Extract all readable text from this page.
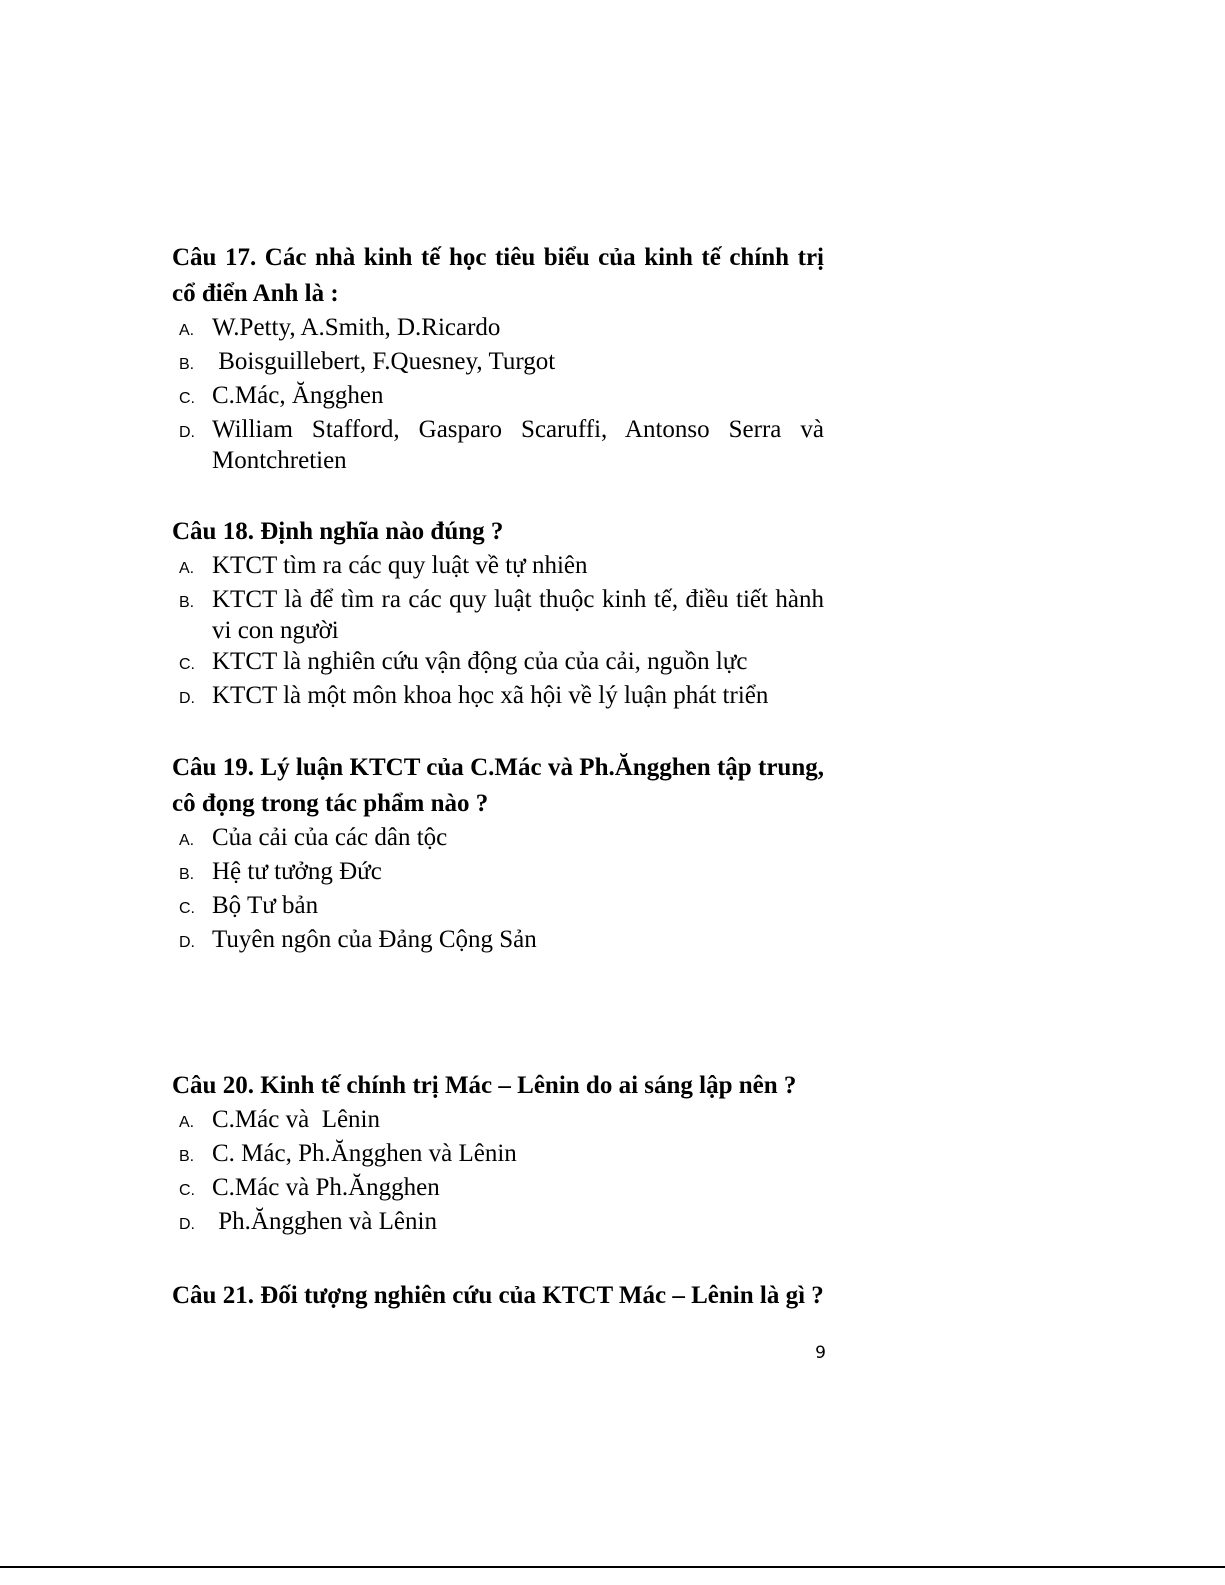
Câu 17. Các nhà kinh tế học tiêu biểu của kinh tế chính trị cổ điển Anh là :

A. W.Petty, A.Smith, D.Ricardo
B. Boisguillebert, F.Quesney, Turgot
C. C.Mác, Ăngghen
D. William Stafford, Gasparo Scaruffi, Antonso Serra và Montchretien

Câu 18. Định nghĩa nào đúng ?

A. KTCT tìm ra các quy luật về tự nhiên
B. KTCT là để tìm ra các quy luật thuộc kinh tế, điều tiết hành vi con người
C. KTCT là nghiên cứu vận động của của cải, nguồn lực
D. KTCT là một môn khoa học xã hội về lý luận phát triển

Câu 19. Lý luận KTCT của C.Mác và Ph.Ăngghen tập trung, cô đọng trong tác phẩm nào ?

A. Của cải của các dân tộc
B. Hệ tư tưởng Đức
C. Bộ Tư bản
D. Tuyên ngôn của Đảng Cộng Sản

Câu 20. Kinh tế chính trị Mác – Lênin do ai sáng lập nên ?

A. C.Mác và  Lênin
B. C. Mác, Ph.Ăngghen và Lênin
C. C.Mác và Ph.Ăngghen
D. Ph.Ăngghen và Lênin

Câu 21. Đối tượng nghiên cứu của KTCT Mác – Lênin là gì ?

9
